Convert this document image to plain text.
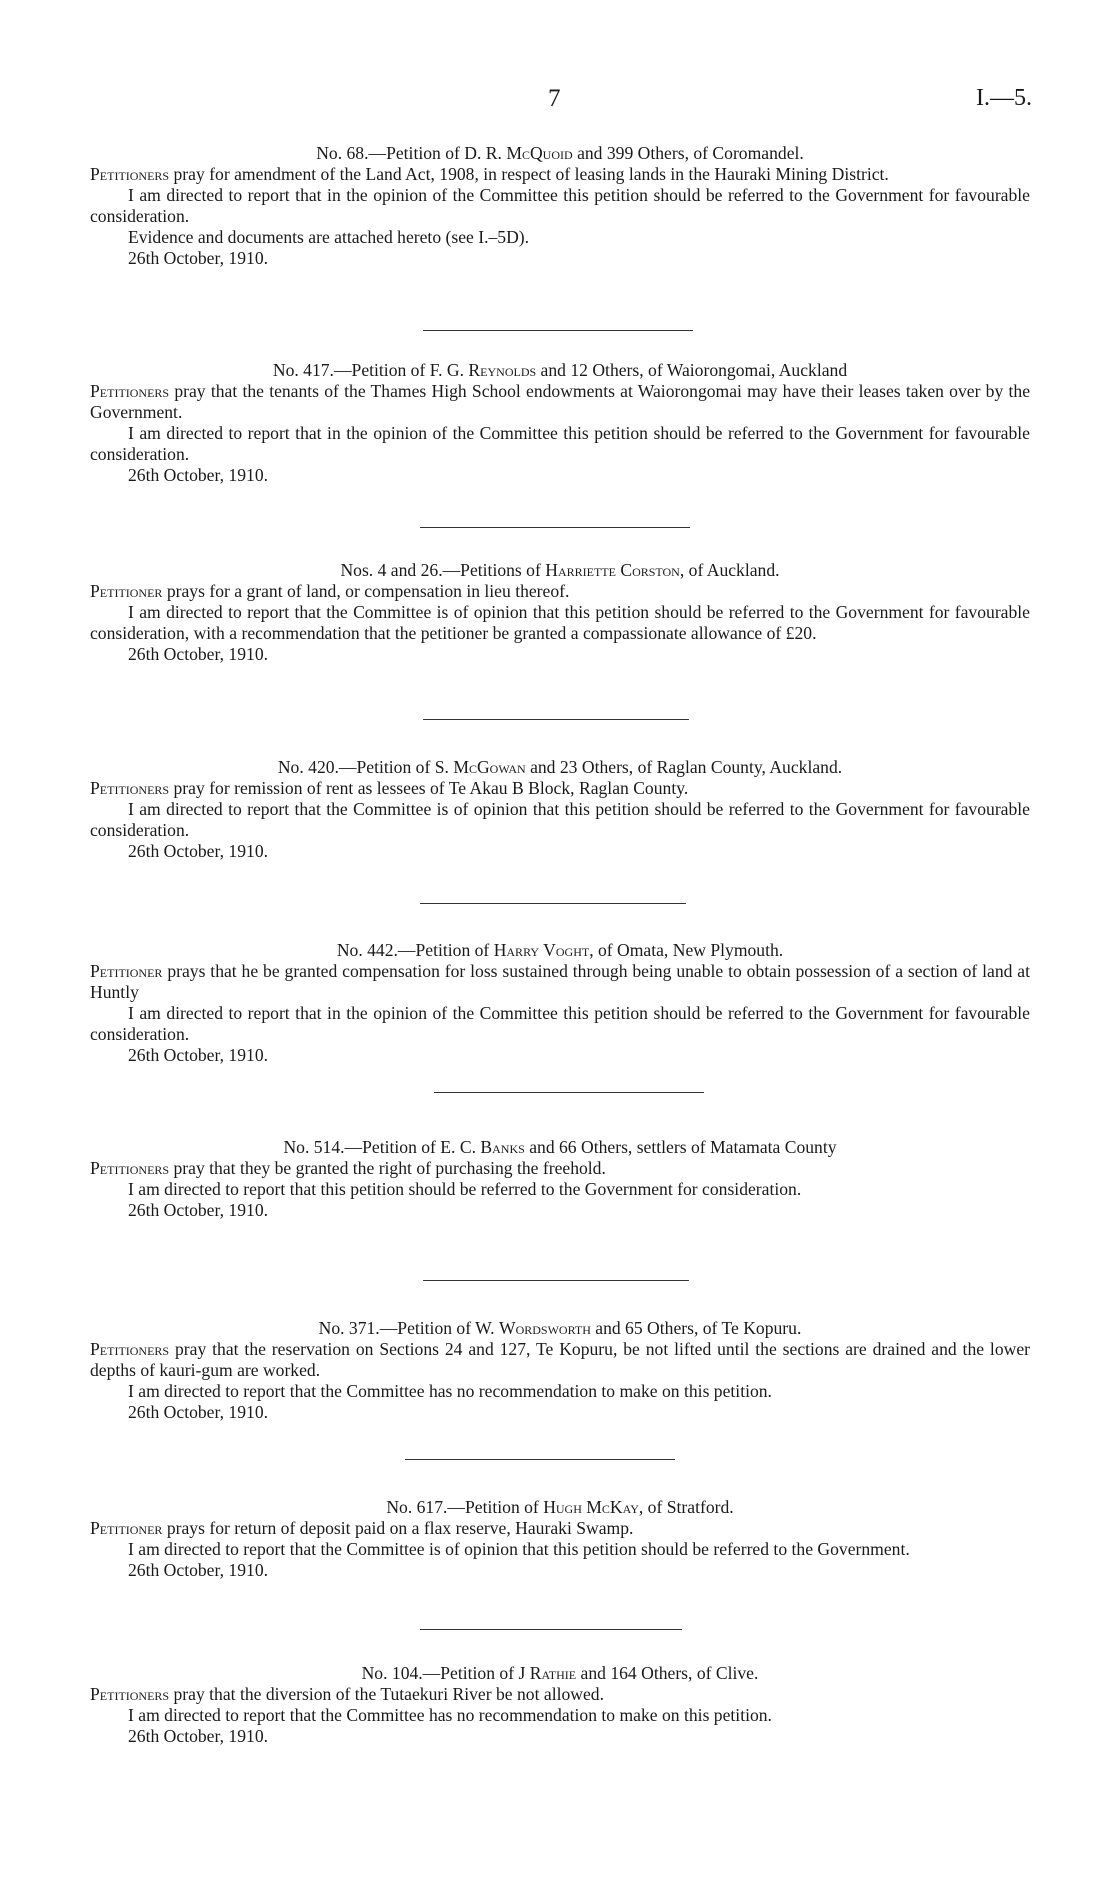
7	I.—5.
No. 68.—Petition of D. R. McQuoid and 399 Others, of Coromandel.

Petitioners pray for amendment of the Land Act, 1908, in respect of leasing lands in the Hauraki Mining District.

I am directed to report that in the opinion of the Committee this petition should be referred to the Government for favourable consideration.

Evidence and documents are attached hereto (see I.–5D).

26th October, 1910.

No. 417.—Petition of F. G. Reynolds and 12 Others, of Waiorongomai, Auckland

Petitioners pray that the tenants of the Thames High School endowments at Waiorongomai may have their leases taken over by the Government.

I am directed to report that in the opinion of the Committee this petition should be referred to the Government for favourable consideration.

26th October, 1910.

Nos. 4 and 26.—Petitions of Harriette Corston, of Auckland.

Petitioner prays for a grant of land, or compensation in lieu thereof.

I am directed to report that the Committee is of opinion that this petition should be referred to the Government for favourable consideration, with a recommendation that the petitioner be granted a compassionate allowance of £20.

26th October, 1910.

No. 420.—Petition of S. McGowan and 23 Others, of Raglan County, Auckland.

Petitioners pray for remission of rent as lessees of Te Akau B Block, Raglan County.

I am directed to report that the Committee is of opinion that this petition should be referred to the Government for favourable consideration.

26th October, 1910.

No. 442.—Petition of Harry Voght, of Omata, New Plymouth.

Petitioner prays that he be granted compensation for loss sustained through being unable to obtain possession of a section of land at Huntly

I am directed to report that in the opinion of the Committee this petition should be referred to the Government for favourable consideration.

26th October, 1910.

No. 514.—Petition of E. C. Banks and 66 Others, settlers of Matamata County

Petitioners pray that they be granted the right of purchasing the freehold.

I am directed to report that this petition should be referred to the Government for consideration.

26th October, 1910.

No. 371.—Petition of W. Wordsworth and 65 Others, of Te Kopuru.

Petitioners pray that the reservation on Sections 24 and 127, Te Kopuru, be not lifted until the sections are drained and the lower depths of kauri-gum are worked.

I am directed to report that the Committee has no recommendation to make on this petition.

26th October, 1910.

No. 617.—Petition of Hugh McKay, of Stratford.

Petitioner prays for return of deposit paid on a flax reserve, Hauraki Swamp.

I am directed to report that the Committee is of opinion that this petition should be referred to the Government.

26th October, 1910.

No. 104.—Petition of J Rathie and 164 Others, of Clive.

Petitioners pray that the diversion of the Tutaekuri River be not allowed.

I am directed to report that the Committee has no recommendation to make on this petition.

26th October, 1910.
